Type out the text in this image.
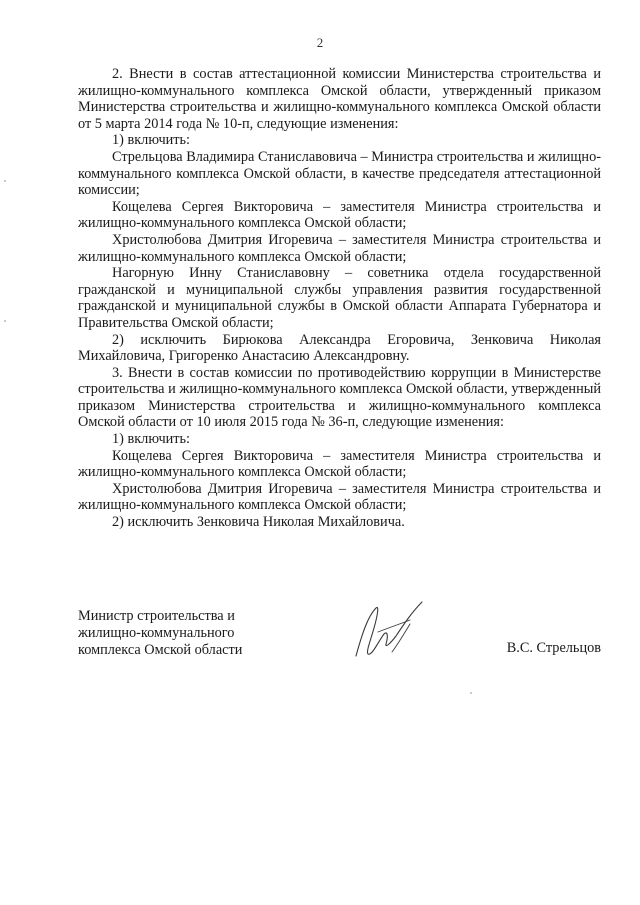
2

2. Внести в состав аттестационной комиссии Министерства строительства и жилищно-коммунального комплекса Омской области, утвержденный приказом Министерства строительства и жилищно-коммунального комплекса Омской области от 5 марта 2014 года № 10-п, следующие изменения:

1) включить:

Стрельцова Владимира Станиславовича – Министра строительства и жилищно-коммунального комплекса Омской области, в качестве председателя аттестационной комиссии;

Кощелева Сергея Викторовича – заместителя Министра строительства и жилищно-коммунального комплекса Омской области;

Христолюбова Дмитрия Игоревича – заместителя Министра строительства и жилищно-коммунального комплекса Омской области;

Нагорную Инну Станиславовну – советника отдела государственной гражданской и муниципальной службы управления развития государственной гражданской и муниципальной службы в Омской области Аппарата Губернатора и Правительства Омской области;

2) исключить Бирюкова Александра Егоровича, Зенковича Николая Михайловича, Григоренко Анастасию Александровну.

3. Внести в состав комиссии по противодействию коррупции в Министерстве строительства и жилищно-коммунального комплекса Омской области, утвержденный приказом Министерства строительства и жилищно-коммунального комплекса Омской области от 10 июля 2015 года № 36-п, следующие изменения:

1) включить:

Кощелева Сергея Викторовича – заместителя Министра строительства и жилищно-коммунального комплекса Омской области;

Христолюбова Дмитрия Игоревича – заместителя Министра строительства и жилищно-коммунального комплекса Омской области;

2) исключить Зенковича Николая Михайловича.

Министр строительства и
жилищно-коммунального
комплекса Омской области	В.С. Стрельцов
